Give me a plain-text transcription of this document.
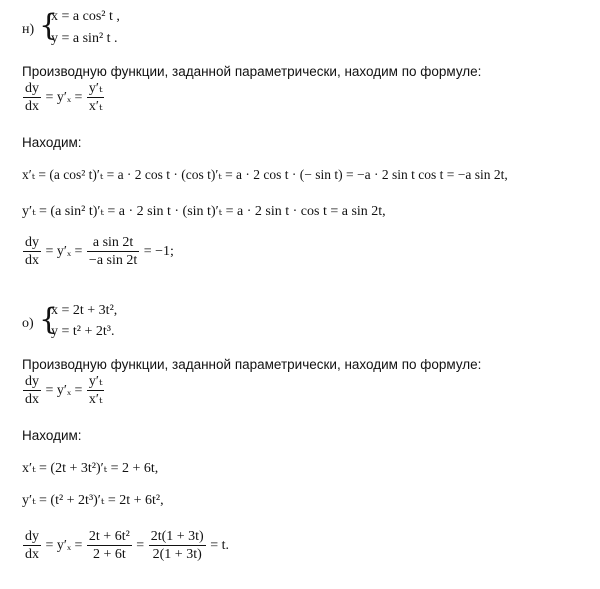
н) {
x = a cos² t ,
y = a sin² t .
Производную функции, заданной параметрически, находим по формуле:
$\frac{dy}{dx} = y'_x = \frac{\text{y′ₜ}}{\text{x′ₜ}}$
Находим:
x′ₜ = (a cos² t)′ₜ = a · 2 cos t · (cos t)′ₜ = a · 2 cos t · (− sin t) = −a · 2 sin t cos t = −a sin 2t,
y′ₜ = (a sin² t)′ₜ = a · 2 sin t · (sin t)′ₜ = a · 2 sin t · cos t = a sin 2t,
$\frac{dy}{dx} = y'_x = \frac{\text{a sin 2t}}{\text{−a sin 2t}} = -1$;
о) {
x = 2t + 3t²,
y = t² + 2t³.
Производную функции, заданной параметрически, находим по формуле:
$\frac{dy}{dx} = y'_x = \frac{\text{y′ₜ}}{\text{x′ₜ}}$
Находим:
x′ₜ = (2t + 3t²)′ₜ = 2 + 6t,
y′ₜ = (t² + 2t³)′ₜ = 2t + 6t²,
$\frac{dy}{dx} = y'_x = \frac{\text{2t + 6t²}}{2 + 6t} = \frac{2t(1 + 3t)}{2(1 + 3t)} = t$.
